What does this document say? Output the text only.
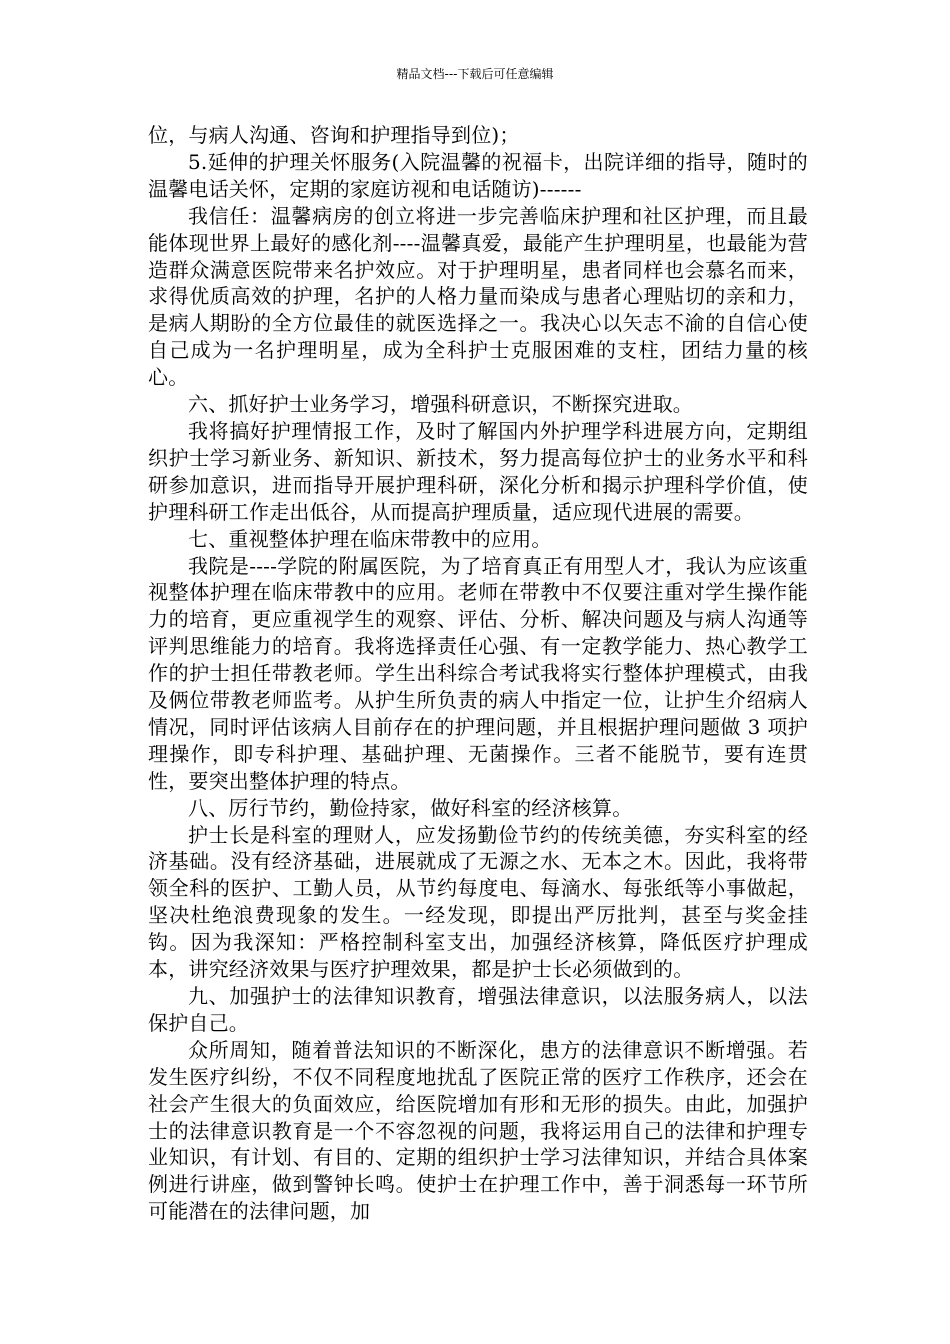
精品文档---下载后可任意编辑

位，与病人沟通、咨询和护理指导到位)；

5.延伸的护理关怀服务(入院温馨的祝福卡，出院详细的指导，随时的温馨电话关怀，定期的家庭访视和电话随访)------

我信任：温馨病房的创立将进一步完善临床护理和社区护理，而且最能体现世界上最好的感化剂----温馨真爱，最能产生护理明星，也最能为营造群众满意医院带来名护效应。对于护理明星，患者同样也会慕名而来，求得优质高效的护理，名护的人格力量而染成与患者心理贴切的亲和力，是病人期盼的全方位最佳的就医选择之一。我决心以矢志不渝的自信心使自己成为一名护理明星，成为全科护士克服困难的支柱，团结力量的核心。

六、抓好护士业务学习，增强科研意识，不断探究进取。

我将搞好护理情报工作，及时了解国内外护理学科进展方向，定期组织护士学习新业务、新知识、新技术，努力提高每位护士的业务水平和科研参加意识，进而指导开展护理科研，深化分析和揭示护理科学价值，使护理科研工作走出低谷，从而提高护理质量，适应现代进展的需要。

七、重视整体护理在临床带教中的应用。

我院是----学院的附属医院，为了培育真正有用型人才，我认为应该重视整体护理在临床带教中的应用。老师在带教中不仅要注重对学生操作能力的培育，更应重视学生的观察、评估、分析、解决问题及与病人沟通等评判思维能力的培育。我将选择责任心强、有一定教学能力、热心教学工作的护士担任带教老师。学生出科综合考试我将实行整体护理模式，由我及俩位带教老师监考。从护生所负责的病人中指定一位，让护生介绍病人情况，同时评估该病人目前存在的护理问题，并且根据护理问题做 3 项护理操作，即专科护理、基础护理、无菌操作。三者不能脱节，要有连贯性，要突出整体护理的特点。

八、厉行节约，勤俭持家，做好科室的经济核算。

护士长是科室的理财人，应发扬勤俭节约的传统美德，夯实科室的经济基础。没有经济基础，进展就成了无源之水、无本之木。因此，我将带领全科的医护、工勤人员，从节约每度电、每滴水、每张纸等小事做起，坚决杜绝浪费现象的发生。一经发现，即提出严厉批判，甚至与奖金挂钩。因为我深知：严格控制科室支出，加强经济核算，降低医疗护理成本，讲究经济效果与医疗护理效果，都是护士长必须做到的。

九、加强护士的法律知识教育，增强法律意识，以法服务病人，以法保护自己。

众所周知，随着普法知识的不断深化，患方的法律意识不断增强。若发生医疗纠纷，不仅不同程度地扰乱了医院正常的医疗工作秩序，还会在社会产生很大的负面效应，给医院增加有形和无形的损失。由此，加强护士的法律意识教育是一个不容忽视的问题，我将运用自己的法律和护理专业知识，有计划、有目的、定期的组织护士学习法律知识，并结合具体案例进行讲座，做到警钟长鸣。使护士在护理工作中，善于洞悉每一环节所可能潜在的法律问题，加
